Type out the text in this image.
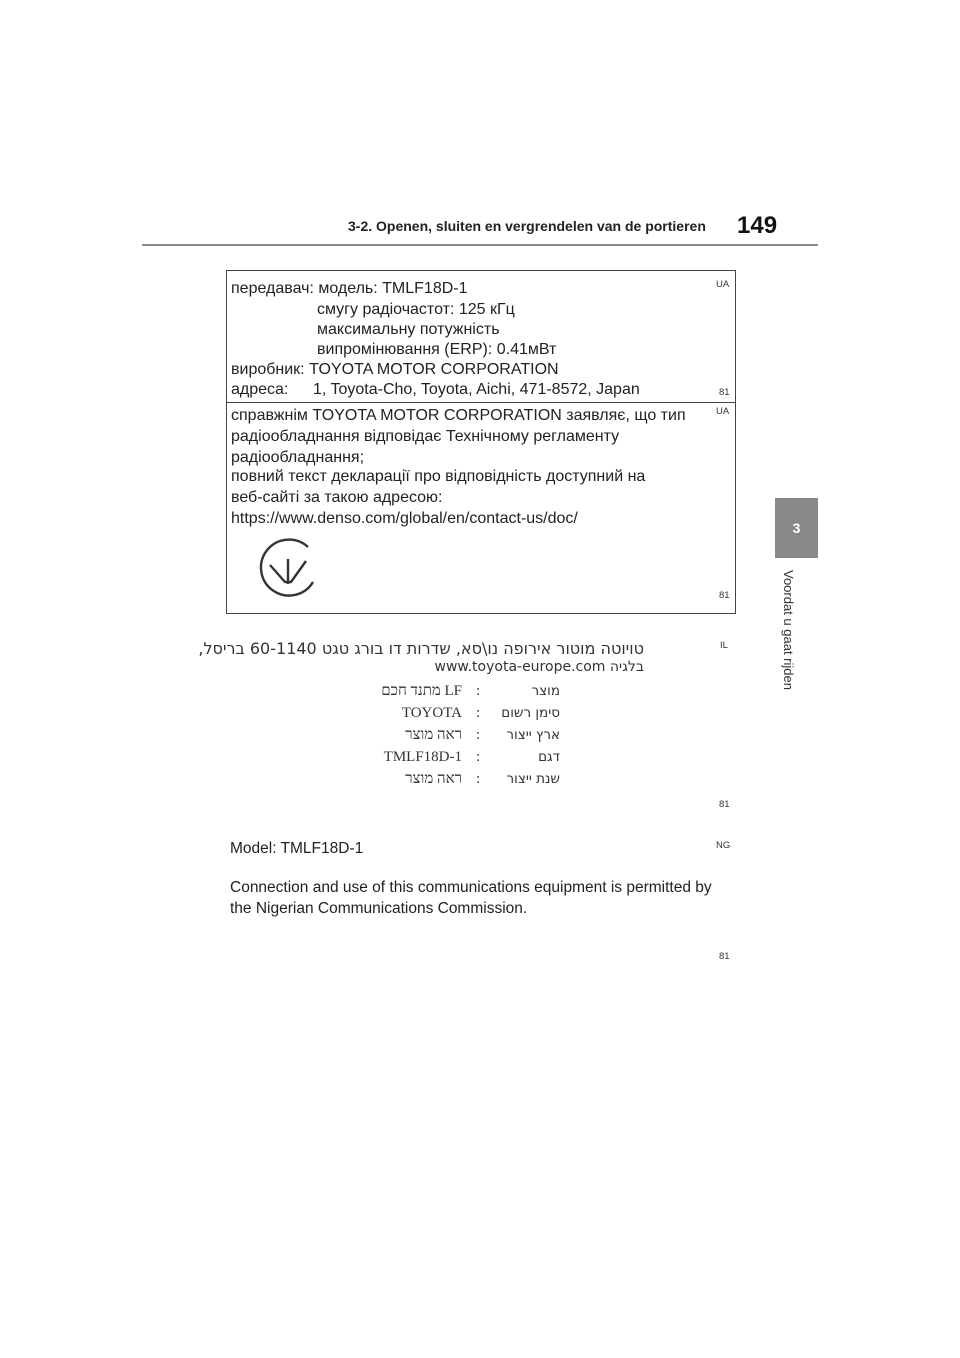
3-2. Openen, sluiten en vergrendelen van de portieren 149
3
Voordat u gaat rijden
передавач: модель: TMLF18D-1
смугу радіочастот: 125 кГц
максимальну потужність
випромінювання (ERP): 0.41мВт
виробник: TOYOTA MOTOR CORPORATION
адреса: 1, Toyota-Cho, Toyota, Aichi, 471-8572, Japan
UA
81
справжнім TOYOTA MOTOR CORPORATION заявляє, що тип
радіообладнання відповідає Технічному регламенту
радіообладнання;
повний текст декларації про відповідність доступний на
веб-сайті за такою адресою:
https://www.denso.com/global/en/contact-us/doc/
UA
81
טויוטה מוטור אירופה נו\סא, שדרות דו בורג טגט 60-1140 בריסל,
בלגיה www.toyota-europe.com
IL
מתנד חכם LF :	מוצר
TOYOTA :	סימן רשום
ראה מוצר :	ארץ ייצור
TMLF18D-1 :	דגם
ראה מוצר :	שנת ייצור
81
Model: TMLF18D-1	NG
Connection and use of this communications equipment is permitted by
the Nigerian Communications Commission.
81
